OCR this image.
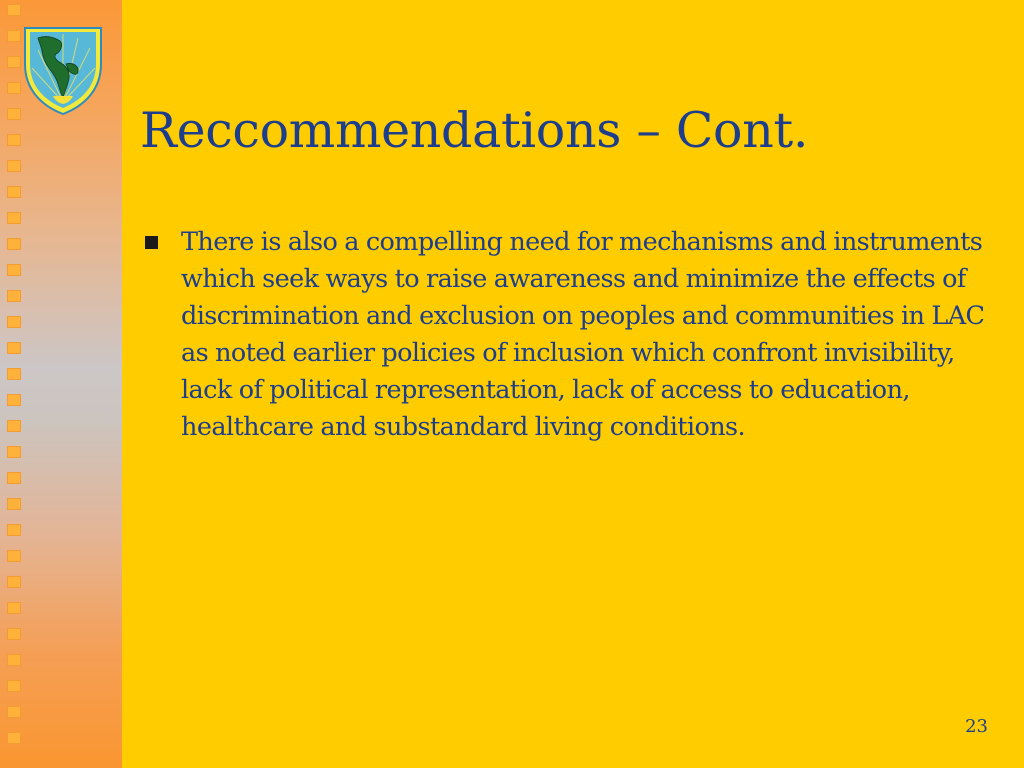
Reccommendations – Cont.
There is also a compelling need for mechanisms and instruments which seek ways to raise awareness and minimize the effects of discrimination and exclusion on peoples and communities in LAC as noted earlier policies of inclusion which confront invisibility, lack of political representation, lack of access to education, healthcare and substandard living conditions.
23
